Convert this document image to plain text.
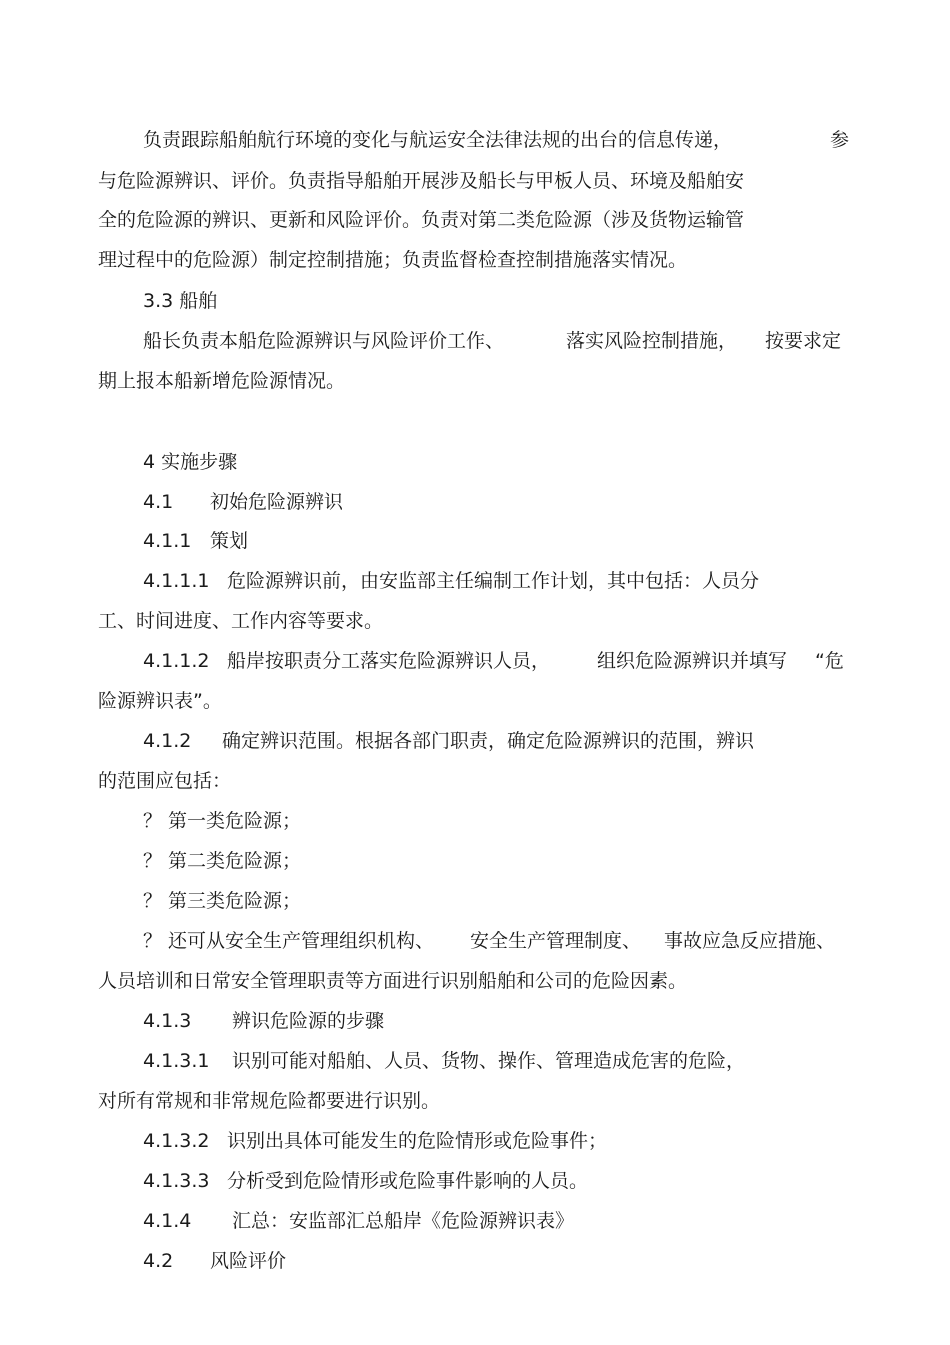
负责跟踪船舶航行环境的变化与航运安全法律法规的出台的信息传递，	参
与危险源辨识、评价。负责指导船舶开展涉及船长与甲板人员、环境及船舶安
全的危险源的辨识、更新和风险评价。负责对第二类危险源（涉及货物运输管
理过程中的危险源）制定控制措施；负责监督检查控制措施落实情况。
3.3 船舶
船长负责本船危险源辨识与风险评价工作、	落实风险控制措施， 按要求定
期上报本船新增危险源情况。
4 实施步骤
4.1 初始危险源辨识
4.1.1 策划
4.1.1.1 危险源辨识前，由安监部主任编制工作计划，其中包括：人员分
工、时间进度、工作内容等要求。
4.1.1.2 船岸按职责分工落实危险源辨识人员， 组织危险源辨识并填写 “危
险源辨识表”。
4.1.2 确定辨识范围。根据各部门职责，确定危险源辨识的范围，辨识
的范围应包括：
？ 第一类危险源；
？ 第二类危险源；
？ 第三类危险源；
？ 还可从安全生产管理组织机构、 安全生产管理制度、 事故应急反应措施、
人员培训和日常安全管理职责等方面进行识别船舶和公司的危险因素。
4.1.3 辨识危险源的步骤
4.1.3.1 识别可能对船舶、人员、货物、操作、管理造成危害的危险，
对所有常规和非常规危险都要进行识别。
4.1.3.2 识别出具体可能发生的危险情形或危险事件；
4.1.3.3 分析受到危险情形或危险事件影响的人员。
4.1.4 汇总：安监部汇总船岸《危险源辨识表》
4.2 风险评价
